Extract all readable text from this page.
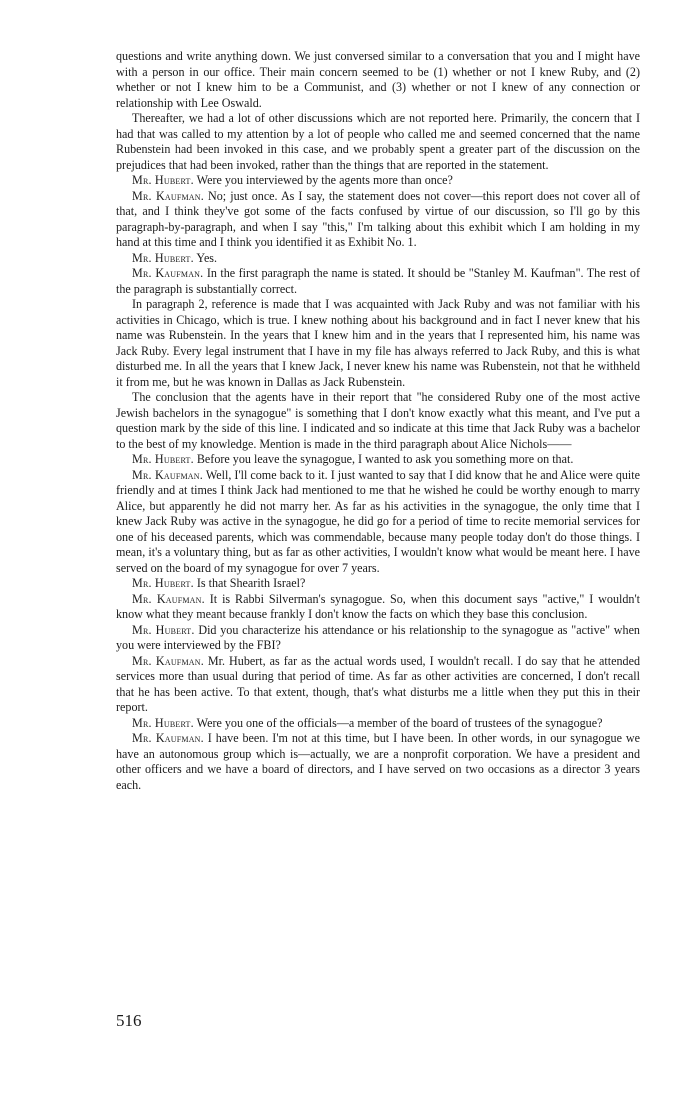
questions and write anything down. We just conversed similar to a conversation that you and I might have with a person in our office. Their main concern seemed to be (1) whether or not I knew Ruby, and (2) whether or not I knew him to be a Communist, and (3) whether or not I knew of any connection or relationship with Lee Oswald.

Thereafter, we had a lot of other discussions which are not reported here. Primarily, the concern that I had that was called to my attention by a lot of people who called me and seemed concerned that the name Rubenstein had been invoked in this case, and we probably spent a greater part of the discussion on the prejudices that had been invoked, rather than the things that are reported in the statement.

Mr. Hubert. Were you interviewed by the agents more than once?

Mr. Kaufman. No; just once. As I say, the statement does not cover—this report does not cover all of that, and I think they've got some of the facts confused by virtue of our discussion, so I'll go by this paragraph-by-paragraph, and when I say "this," I'm talking about this exhibit which I am holding in my hand at this time and I think you identified it as Exhibit No. 1.

Mr. Hubert. Yes.

Mr. Kaufman. In the first paragraph the name is stated. It should be "Stanley M. Kaufman". The rest of the paragraph is substantially correct.

In paragraph 2, reference is made that I was acquainted with Jack Ruby and was not familiar with his activities in Chicago, which is true. I knew nothing about his background and in fact I never knew that his name was Rubenstein. In the years that I knew him and in the years that I represented him, his name was Jack Ruby. Every legal instrument that I have in my file has always referred to Jack Ruby, and this is what disturbed me. In all the years that I knew Jack, I never knew his name was Rubenstein, not that he withheld it from me, but he was known in Dallas as Jack Rubenstein.

The conclusion that the agents have in their report that "he considered Ruby one of the most active Jewish bachelors in the synagogue" is something that I don't know exactly what this meant, and I've put a question mark by the side of this line. I indicated and so indicate at this time that Jack Ruby was a bachelor to the best of my knowledge. Mention is made in the third paragraph about Alice Nichols——

Mr. Hubert. Before you leave the synagogue, I wanted to ask you something more on that.

Mr. Kaufman. Well, I'll come back to it. I just wanted to say that I did know that he and Alice were quite friendly and at times I think Jack had mentioned to me that he wished he could be worthy enough to marry Alice, but apparently he did not marry her. As far as his activities in the synagogue, the only time that I knew Jack Ruby was active in the synagogue, he did go for a period of time to recite memorial services for one of his deceased parents, which was commendable, because many people today don't do those things. I mean, it's a voluntary thing, but as far as other activities, I wouldn't know what would be meant here. I have served on the board of my synagogue for over 7 years.

Mr. Hubert. Is that Shearith Israel?

Mr. Kaufman. It is Rabbi Silverman's synagogue. So, when this document says "active," I wouldn't know what they meant because frankly I don't know the facts on which they base this conclusion.

Mr. Hubert. Did you characterize his attendance or his relationship to the synagogue as "active" when you were interviewed by the FBI?

Mr. Kaufman. Mr. Hubert, as far as the actual words used, I wouldn't recall. I do say that he attended services more than usual during that period of time. As far as other activities are concerned, I don't recall that he has been active. To that extent, though, that's what disturbs me a little when they put this in their report.

Mr. Hubert. Were you one of the officials—a member of the board of trustees of the synagogue?

Mr. Kaufman. I have been. I'm not at this time, but I have been. In other words, in our synagogue we have an autonomous group which is—actually, we are a nonprofit corporation. We have a president and other officers and we have a board of directors, and I have served on two occasions as a director 3 years each.

516
